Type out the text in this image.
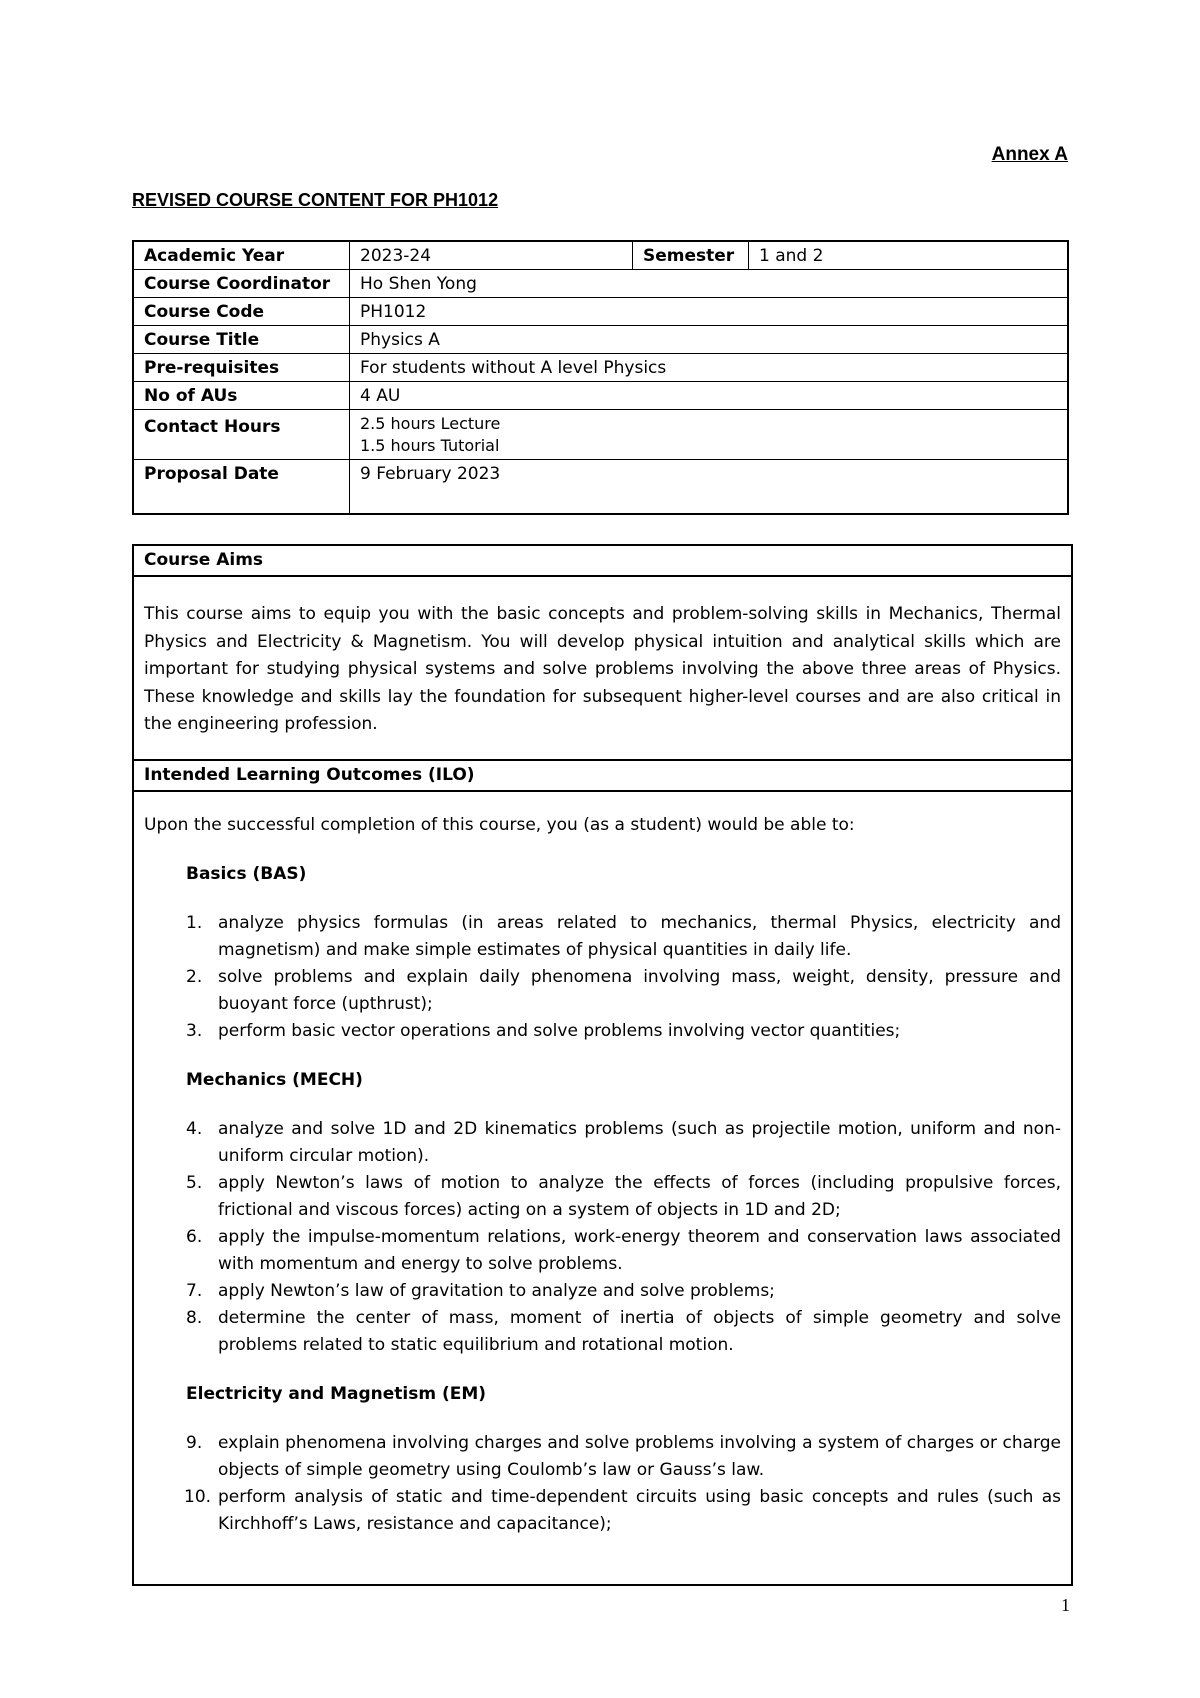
Annex A
REVISED COURSE CONTENT FOR PH1012
Academic Year	2023-24	Semester	1 and 2
Course Coordinator	Ho Shen Yong		
Course Code	PH1012		
Course Title	Physics A		
Pre-requisites	For students without A level Physics		
No of AUs	4 AU		
Contact Hours	2.5 hours Lecture
1.5 hours Tutorial		

Proposal Date	9 February 2023		
Course Aims
This course aims to equip you with the basic concepts and problem-solving skills in Mechanics, Thermal Physics and Electricity & Magnetism. You will develop physical intuition and analytical skills which are important for studying physical systems and solve problems involving the above three areas of Physics. These knowledge and skills lay the foundation for subsequent higher-level courses and are also critical in the engineering profession.
Intended Learning Outcomes (ILO)
Upon the successful completion of this course, you (as a student) would be able to:
Basics (BAS)
1. analyze physics formulas (in areas related to mechanics, thermal Physics, electricity and magnetism) and make simple estimates of physical quantities in daily life.
2. solve problems and explain daily phenomena involving mass, weight, density, pressure and buoyant force (upthrust);
3. perform basic vector operations and solve problems involving vector quantities;
Mechanics (MECH)
4. analyze and solve 1D and 2D kinematics problems (such as projectile motion, uniform and non-uniform circular motion).
5. apply Newton’s laws of motion to analyze the effects of forces (including propulsive forces, frictional and viscous forces) acting on a system of objects in 1D and 2D;
6. apply the impulse-momentum relations, work-energy theorem and conservation laws associated with momentum and energy to solve problems.
7. apply Newton’s law of gravitation to analyze and solve problems;
8. determine the center of mass, moment of inertia of objects of simple geometry and solve problems related to static equilibrium and rotational motion.
Electricity and Magnetism (EM)
9. explain phenomena involving charges and solve problems involving a system of charges or charge objects of simple geometry using Coulomb’s law or Gauss’s law.
10. perform analysis of static and time-dependent circuits using basic concepts and rules (such as Kirchhoff’s Laws, resistance and capacitance);
1
